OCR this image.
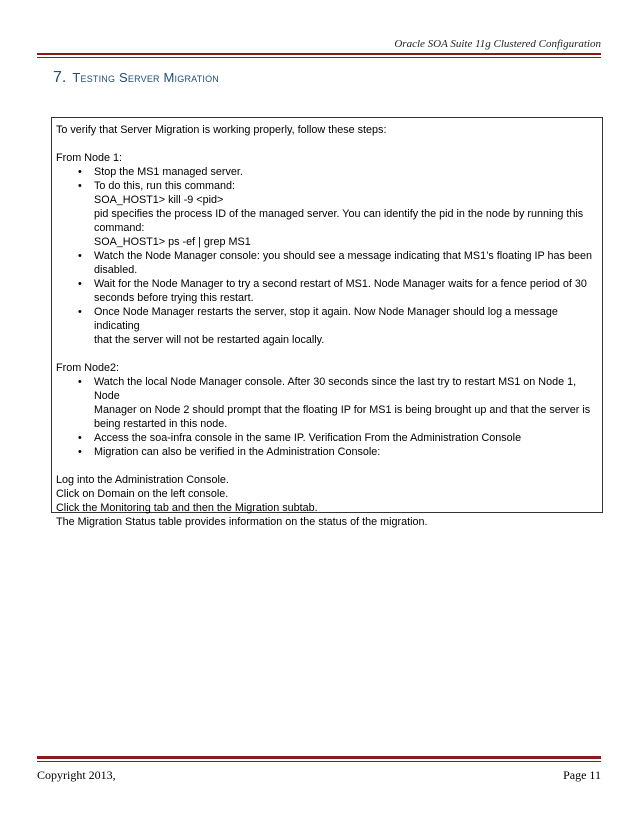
Oracle SOA Suite 11g Clustered Configuration
7. Testing Server Migration

To verify that Server Migration is working properly, follow these steps:

From Node 1:

• Stop the MS1 managed server.
• To do this, run this command:
SOA_HOST1> kill -9 <pid>
pid specifies the process ID of the managed server. You can identify the pid in the node by running this
command:
SOA_HOST1> ps -ef | grep MS1
• Watch the Node Manager console: you should see a message indicating that MS1’s floating IP has been
disabled.
• Wait for the Node Manager to try a second restart of MS1. Node Manager waits for a fence period of 30
seconds before trying this restart.
• Once Node Manager restarts the server, stop it again. Now Node Manager should log a message indicating
that the server will not be restarted again locally.

From Node2:

• Watch the local Node Manager console. After 30 seconds since the last try to restart MS1 on Node 1, Node
Manager on Node 2 should prompt that the floating IP for MS1 is being brought up and that the server is
being restarted in this node.
• Access the soa-infra console in the same IP. Verification From the Administration Console
• Migration can also be verified in the Administration Console:

Log into the Administration Console.

Click on Domain on the left console.

Click the Monitoring tab and then the Migration subtab.

The Migration Status table provides information on the status of the migration.

Copyright 2013,	Page 11
